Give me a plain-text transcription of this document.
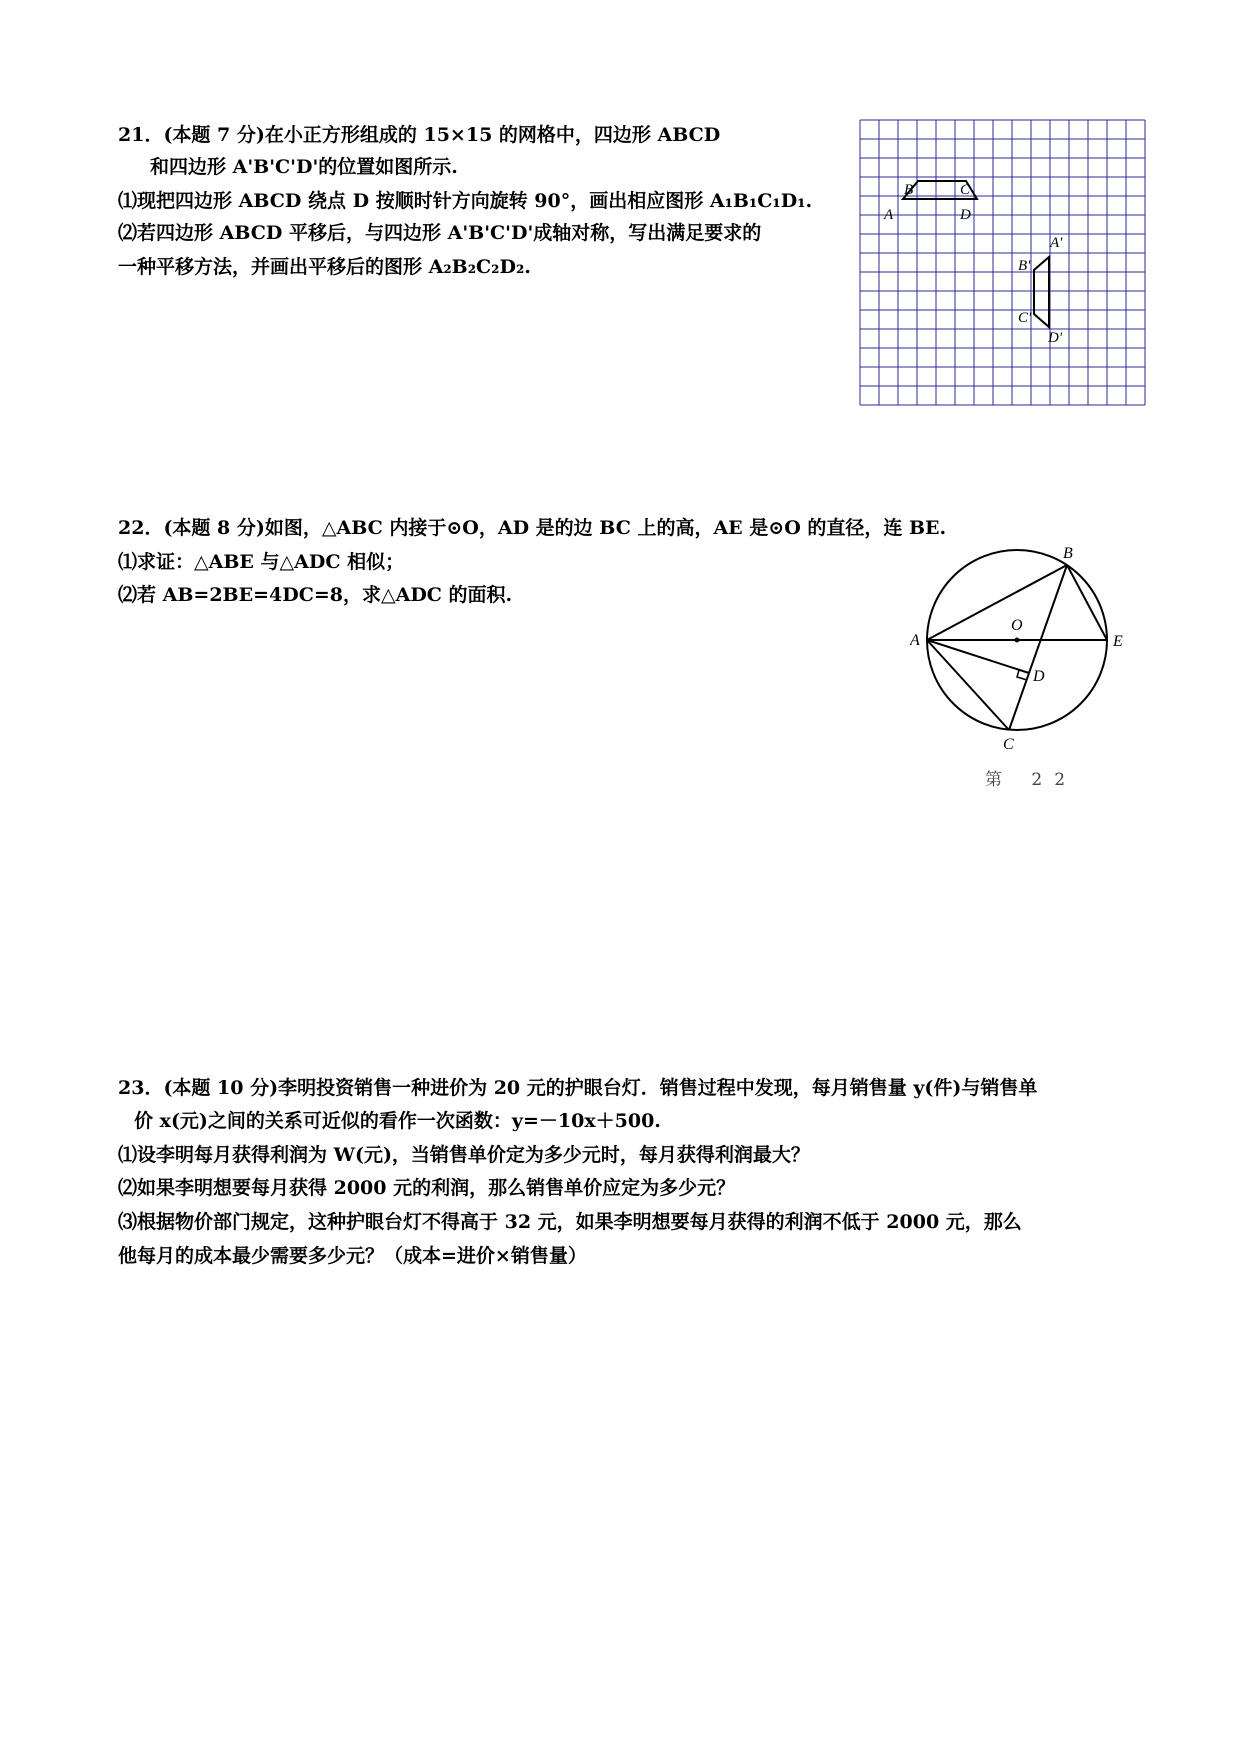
21．(本题 7 分)在小正方形组成的 15×15 的网格中，四边形 ABCD
和四边形 A'B'C'D'的位置如图所示.
⑴现把四边形 ABCD 绕点 D 按顺时针方向旋转 90°，画出相应图形 A₁B₁C₁D₁.
⑵若四边形 ABCD 平移后，与四边形 A'B'C'D'成轴对称，写出满足要求的
一种平移方法，并画出平移后的图形 A₂B₂C₂D₂.
A
B	C
D
A'
B'
C'
D'
22．(本题 8 分)如图，△ABC 内接于⊙O，AD 是的边 BC 上的高，AE 是⊙O 的直径，连 BE.
⑴求证：△ABE 与△ADC 相似；
⑵若 AB=2BE=4DC=8，求△ADC 的面积.
A
B
C
D
E
O
第 22
23．(本题 10 分)李明投资销售一种进价为 20 元的护眼台灯．销售过程中发现，每月销售量 y(件)与销售单
价 x(元)之间的关系可近似的看作一次函数：y=－10x＋500.
⑴设李明每月获得利润为 W(元)，当销售单价定为多少元时，每月获得利润最大？
⑵如果李明想要每月获得 2000 元的利润，那么销售单价应定为多少元？
⑶根据物价部门规定，这种护眼台灯不得高于 32 元，如果李明想要每月获得的利润不低于 2000 元，那么
他每月的成本最少需要多少元？（成本=进价×销售量）
